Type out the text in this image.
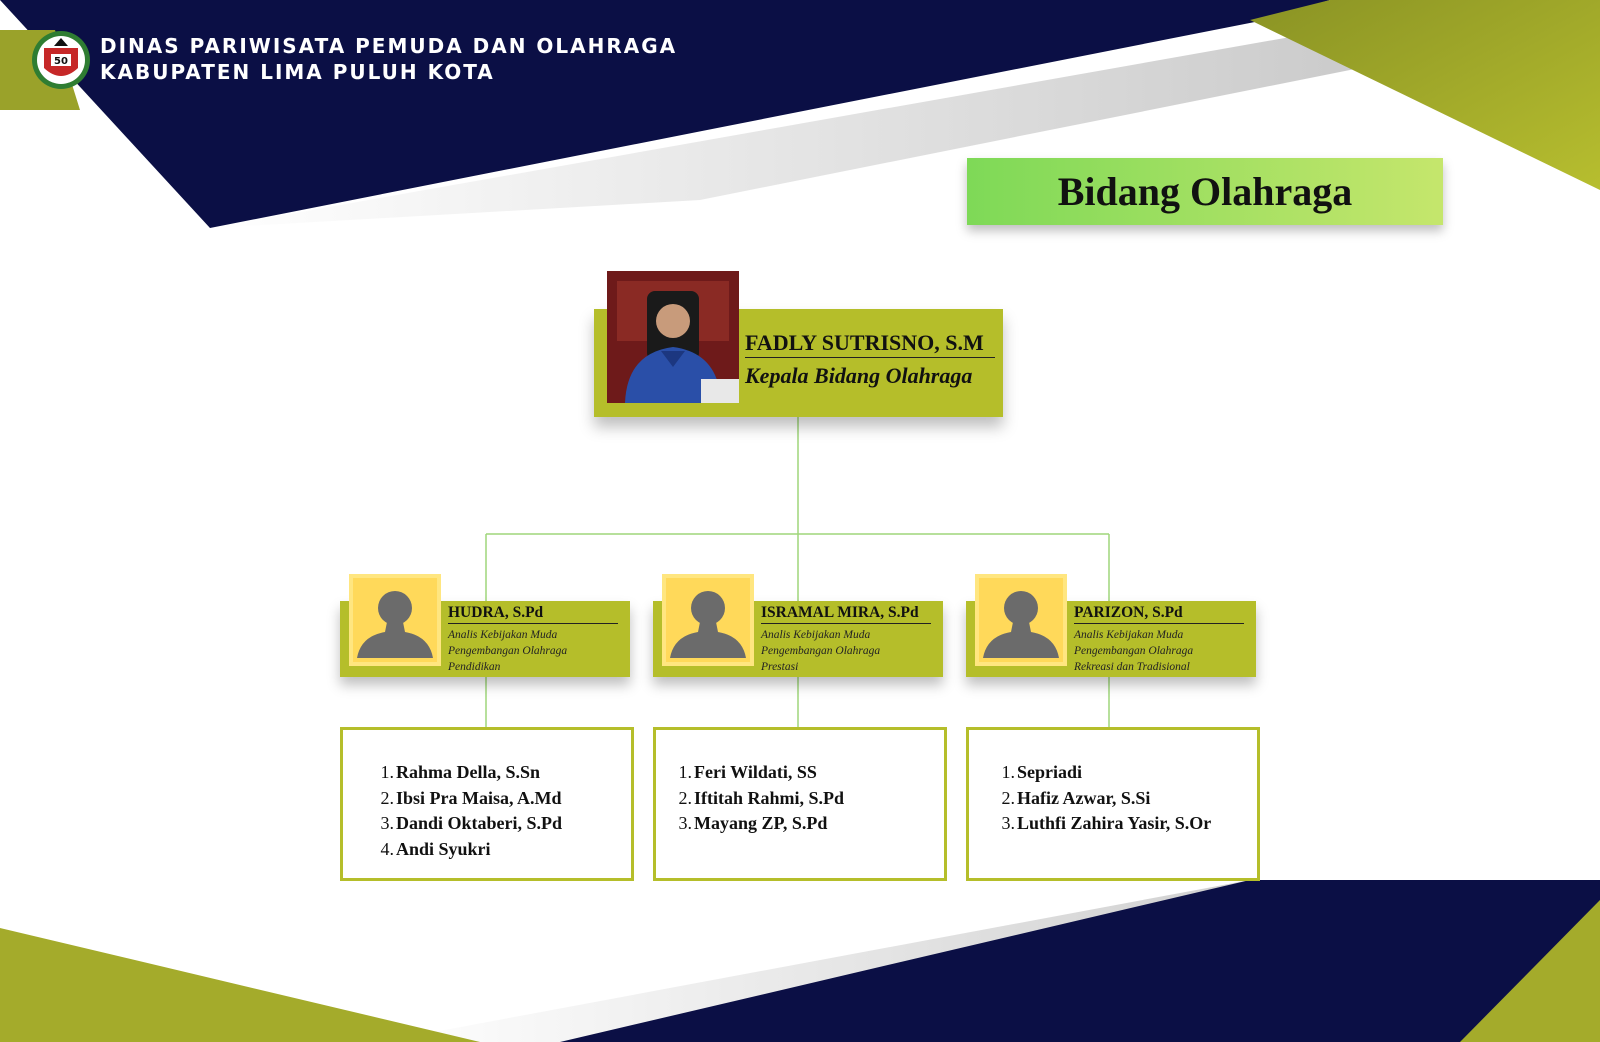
50
DINAS PARIWISATA PEMUDA DAN OLAHRAGA
KABUPATEN LIMA PULUH KOTA
Bidang Olahraga
FADLY SUTRISNO, S.M
Kepala Bidang Olahraga
HUDRA, S.Pd
Analis Kebijakan Muda
Pengembangan Olahraga
Pendidikan
ISRAMAL MIRA, S.Pd
Analis Kebijakan Muda
Pengembangan Olahraga
Prestasi
PARIZON, S.Pd
Analis Kebijakan Muda
Pengembangan Olahraga
Rekreasi dan Tradisional
1. Rahma Della, S.Sn
2. Ibsi Pra Maisa, A.Md
3. Dandi Oktaberi, S.Pd
4. Andi Syukri
1. Feri Wildati, SS
2. Iftitah Rahmi, S.Pd
3. Mayang ZP, S.Pd
1. Sepriadi
2. Hafiz Azwar, S.Si
3. Luthfi Zahira Yasir, S.Or
